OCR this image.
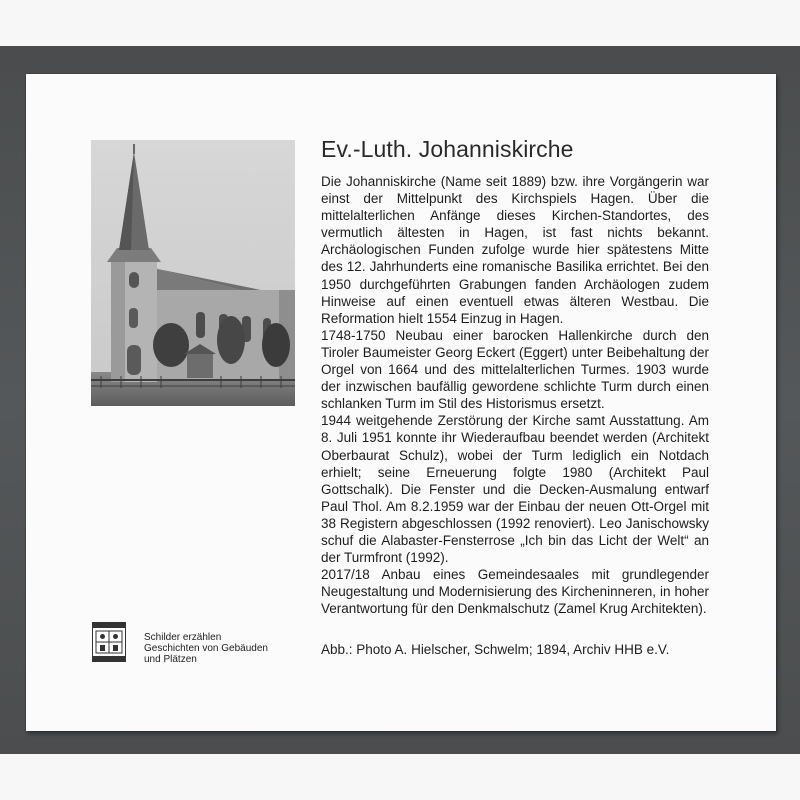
Ev.-Luth. Johanniskirche

Die Johanniskirche (Name seit 1889) bzw. ihre Vorgängerin war einst der Mittelpunkt des Kirchspiels Hagen. Über die mittelalterlichen Anfänge dieses Kirchen-Standortes, des vermutlich ältesten in Hagen, ist fast nichts bekannt. Archäologischen Funden zufolge wurde hier spätestens Mitte des 12. Jahrhunderts eine romanische Basilika errichtet. Bei den 1950 durchgeführten Grabungen fanden Archäologen zudem Hinweise auf einen eventuell etwas älteren Westbau. Die Reformation hielt 1554 Einzug in Hagen.

1748-1750 Neubau einer barocken Hallenkirche durch den Tiroler Baumeister Georg Eckert (Eggert) unter Beibehaltung der Orgel von 1664 und des mittelalterlichen Turmes. 1903 wurde der inzwischen baufällig gewordene schlichte Turm durch einen schlanken Turm im Stil des Historismus ersetzt.

1944 weitgehende Zerstörung der Kirche samt Ausstattung. Am 8. Juli 1951 konnte ihr Wiederaufbau beendet werden (Architekt Oberbaurat Schulz), wobei der Turm lediglich ein Notdach erhielt; seine Erneuerung folgte 1980 (Architekt Paul Gottschalk). Die Fenster und die Decken-Ausmalung entwarf Paul Thol. Am 8.2.1959 war der Einbau der neuen Ott-Orgel mit 38 Registern abgeschlossen (1992 renoviert). Leo Janischowsky schuf die Alabaster-Fensterrose „Ich bin das Licht der Welt“ an der Turmfront (1992).

2017/18 Anbau eines Gemeindesaales mit grundlegender Neugestaltung und Modernisierung des Kircheninneren, in hoher Verantwortung für den Denkmalschutz (Zamel Krug Architekten).

Abb.: Photo A. Hielscher, Schwelm; 1894, Archiv HHB e.V.
Schilder erzählen
Geschichten von Gebäuden
und Plätzen
